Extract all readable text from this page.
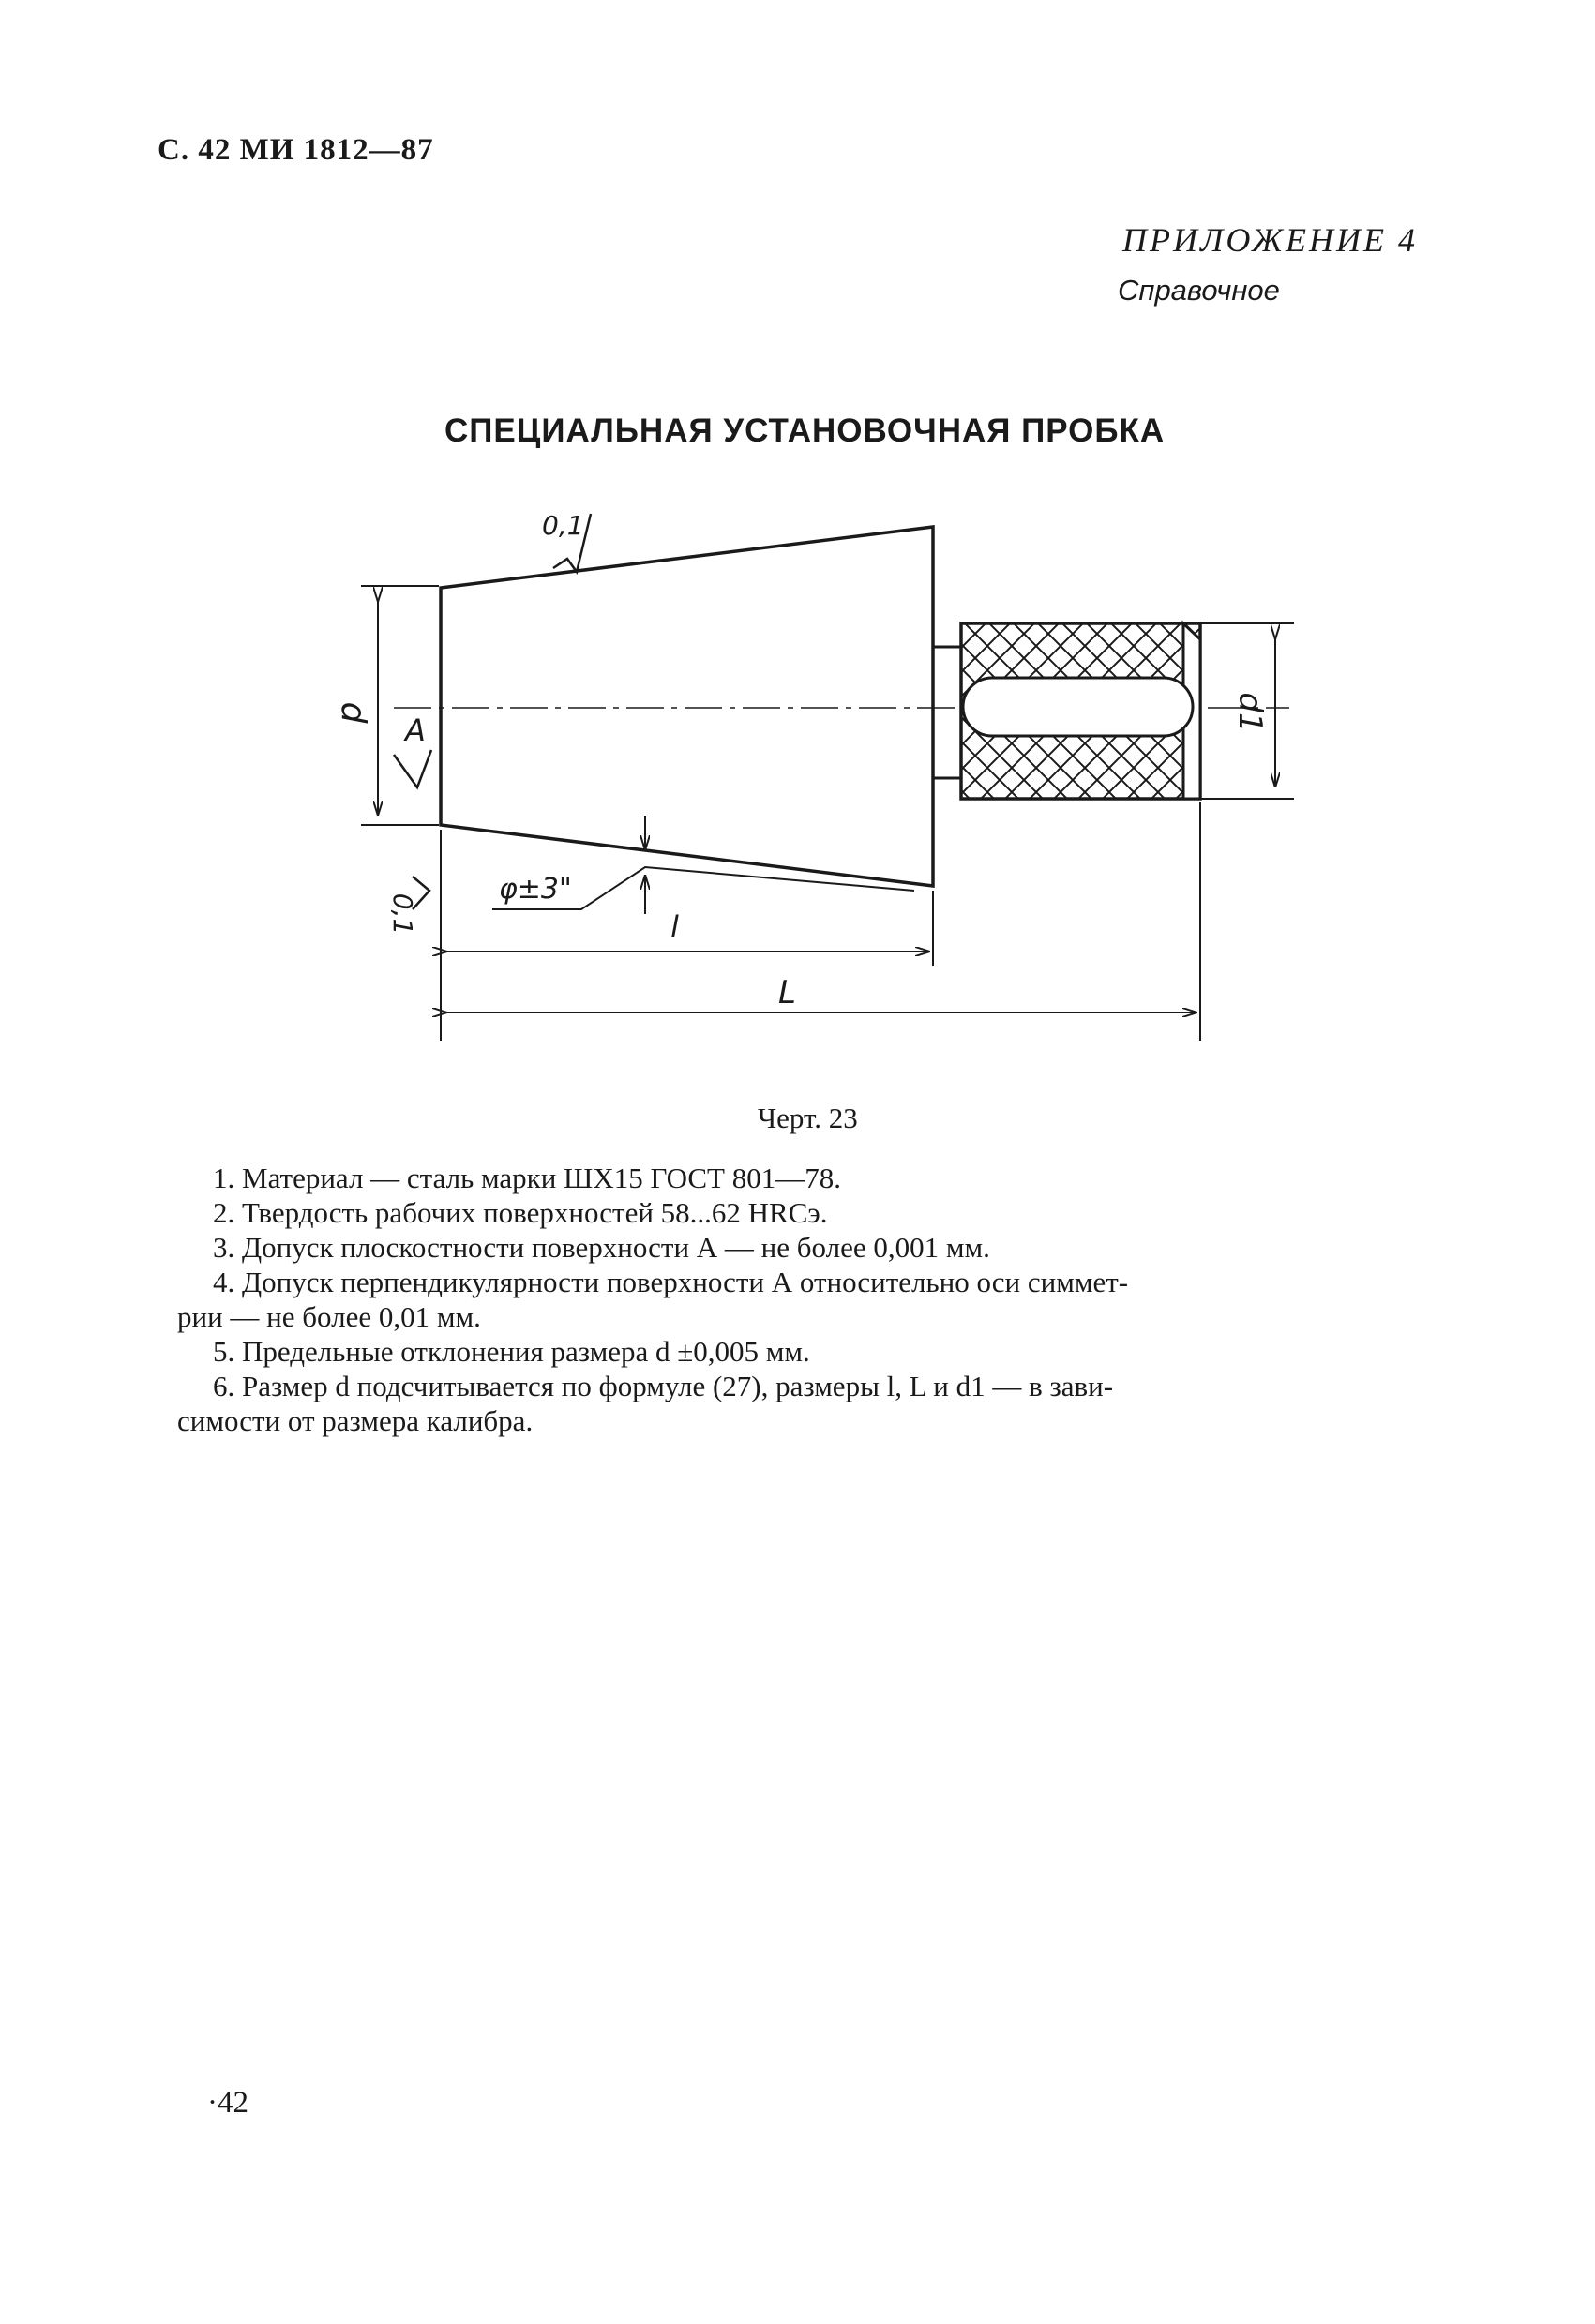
С. 42 МИ 1812—87
ПРИЛОЖЕНИЕ 4
Справочное
СПЕЦИАЛЬНАЯ УСТАНОВОЧНАЯ ПРОБКА
d A	d1
0,1
0,1
φ±3"
l
L
Черт. 23
1. Материал — сталь марки ШХ15 ГОСТ 801—78.
2. Твердость рабочих поверхностей 58...62 HRCэ.
3. Допуск плоскостности поверхности А — не более 0,001 мм.
4. Допуск перпендикулярности поверхности А относительно оси симмет-
рии — не более 0,01 мм.
5. Предельные отклонения размера d ±0,005 мм.
6. Размер d подсчитывается по формуле (27), размеры l, L и d1 — в зави-
симости от размера калибра.
·42
